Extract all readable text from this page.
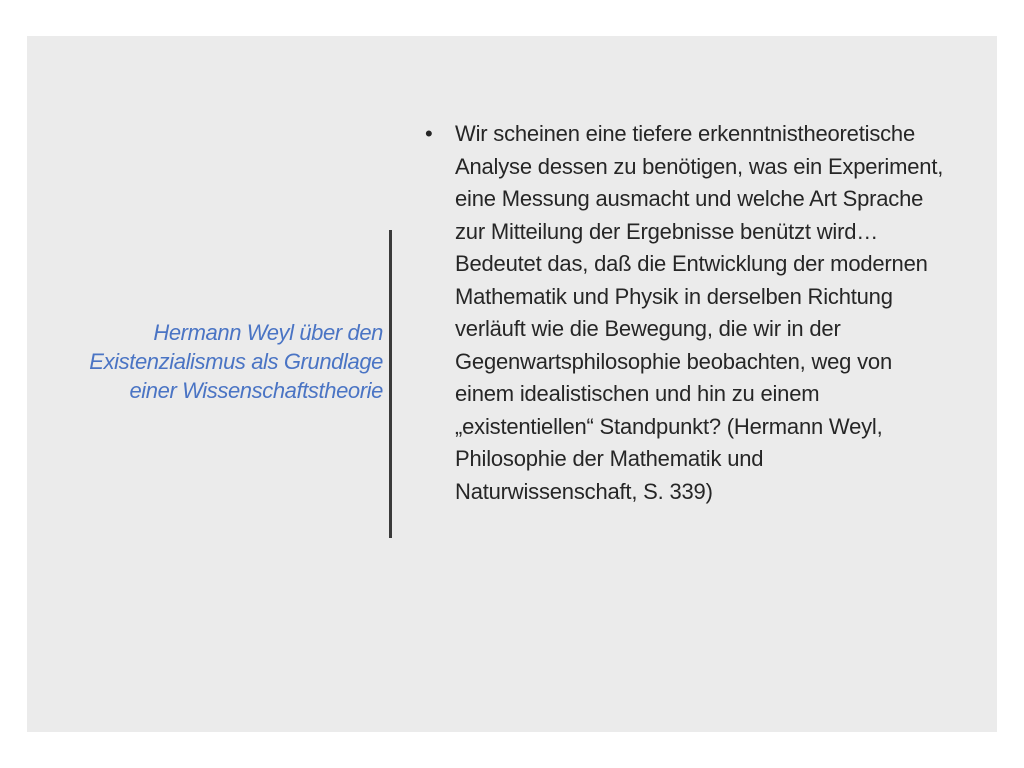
Hermann Weyl über den Existenzialismus als Grundlage einer Wissenschaftstheorie
• Wir scheinen eine tiefere erkenntnistheoretische Analyse dessen zu benötigen, was ein Experiment, eine Messung ausmacht und welche Art Sprache zur Mitteilung der Ergebnisse benützt wird… Bedeutet das, daß die Entwicklung der modernen Mathematik und Physik in derselben Richtung verläuft wie die Bewegung, die wir in der Gegenwartsphilosophie beobachten, weg von einem idealistischen und hin zu einem „existentiellen“ Standpunkt? (Hermann Weyl, Philosophie der Mathematik und Naturwissenschaft, S. 339)
